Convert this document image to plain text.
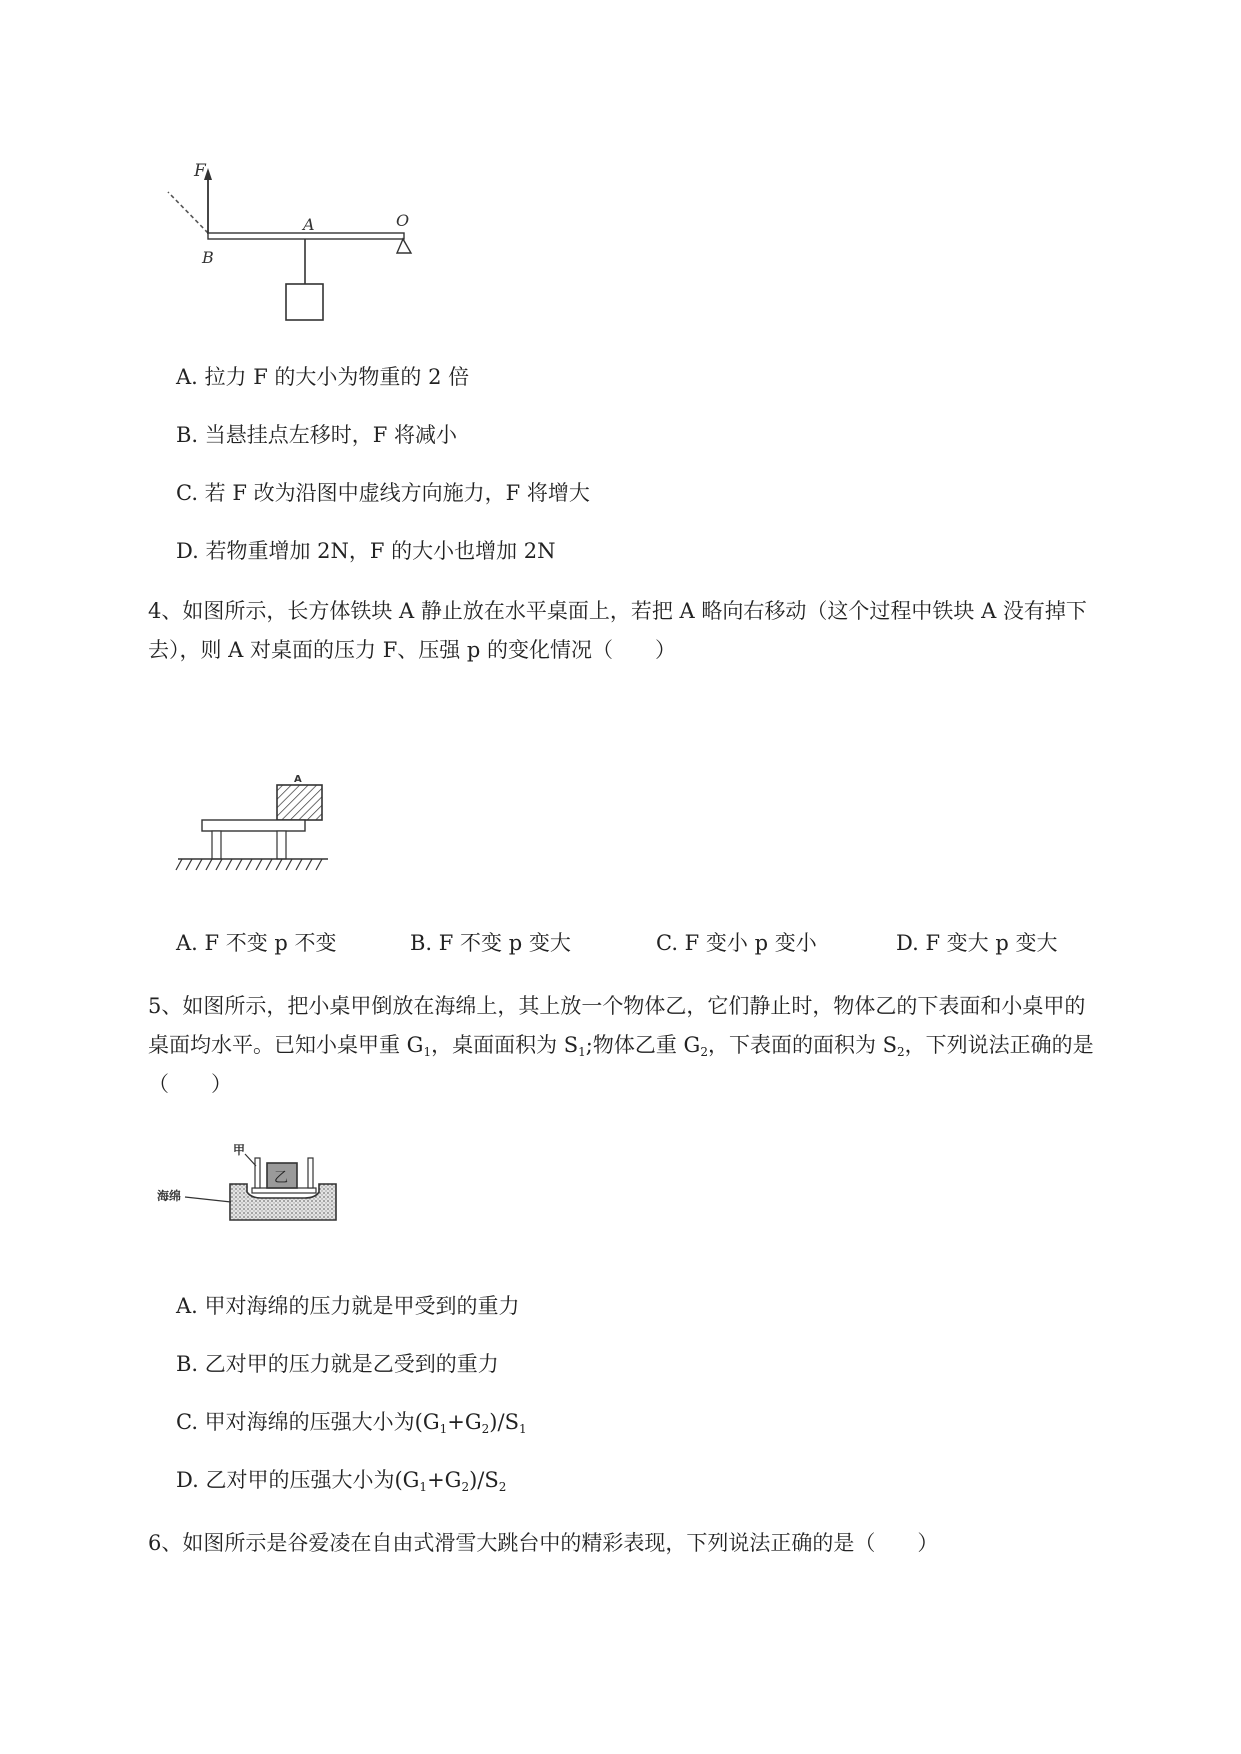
F
A	O
B
A. 拉力 F 的大小为物重的 2 倍
B. 当悬挂点左移时，F 将减小
C. 若 F 改为沿图中虚线方向施力，F 将增大
D. 若物重增加 2N，F 的大小也增加 2N
4、如图所示，长方体铁块 A 静止放在水平桌面上，若把 A 略向右移动（这个过程中铁块 A 没有掉下
去），则 A 对桌面的压力 F、压强 p 的变化情况（　　）
A
A. F 不变 p 不变	B. F 不变 p 变大	C. F 变小 p 变小	D. F 变大 p 变大
5、如图所示，把小桌甲倒放在海绵上，其上放一个物体乙，它们静止时，物体乙的下表面和小桌甲的
桌面均水平。已知小桌甲重 $G_1$，桌面面积为 $S_1$;物体乙重 $G_2$，下表面的面积为 $S_2$，下列说法正确的是
（　　）
乙
甲
海绵
A. 甲对海绵的压力就是甲受到的重力
B. 乙对甲的压力就是乙受到的重力
C. 甲对海绵的压强大小为$(G_1+G_2)/S_1$
D. 乙对甲的压强大小为$(G_1+G_2)/S_2$
6、如图所示是谷爱凌在自由式滑雪大跳台中的精彩表现，下列说法正确的是（　　）
